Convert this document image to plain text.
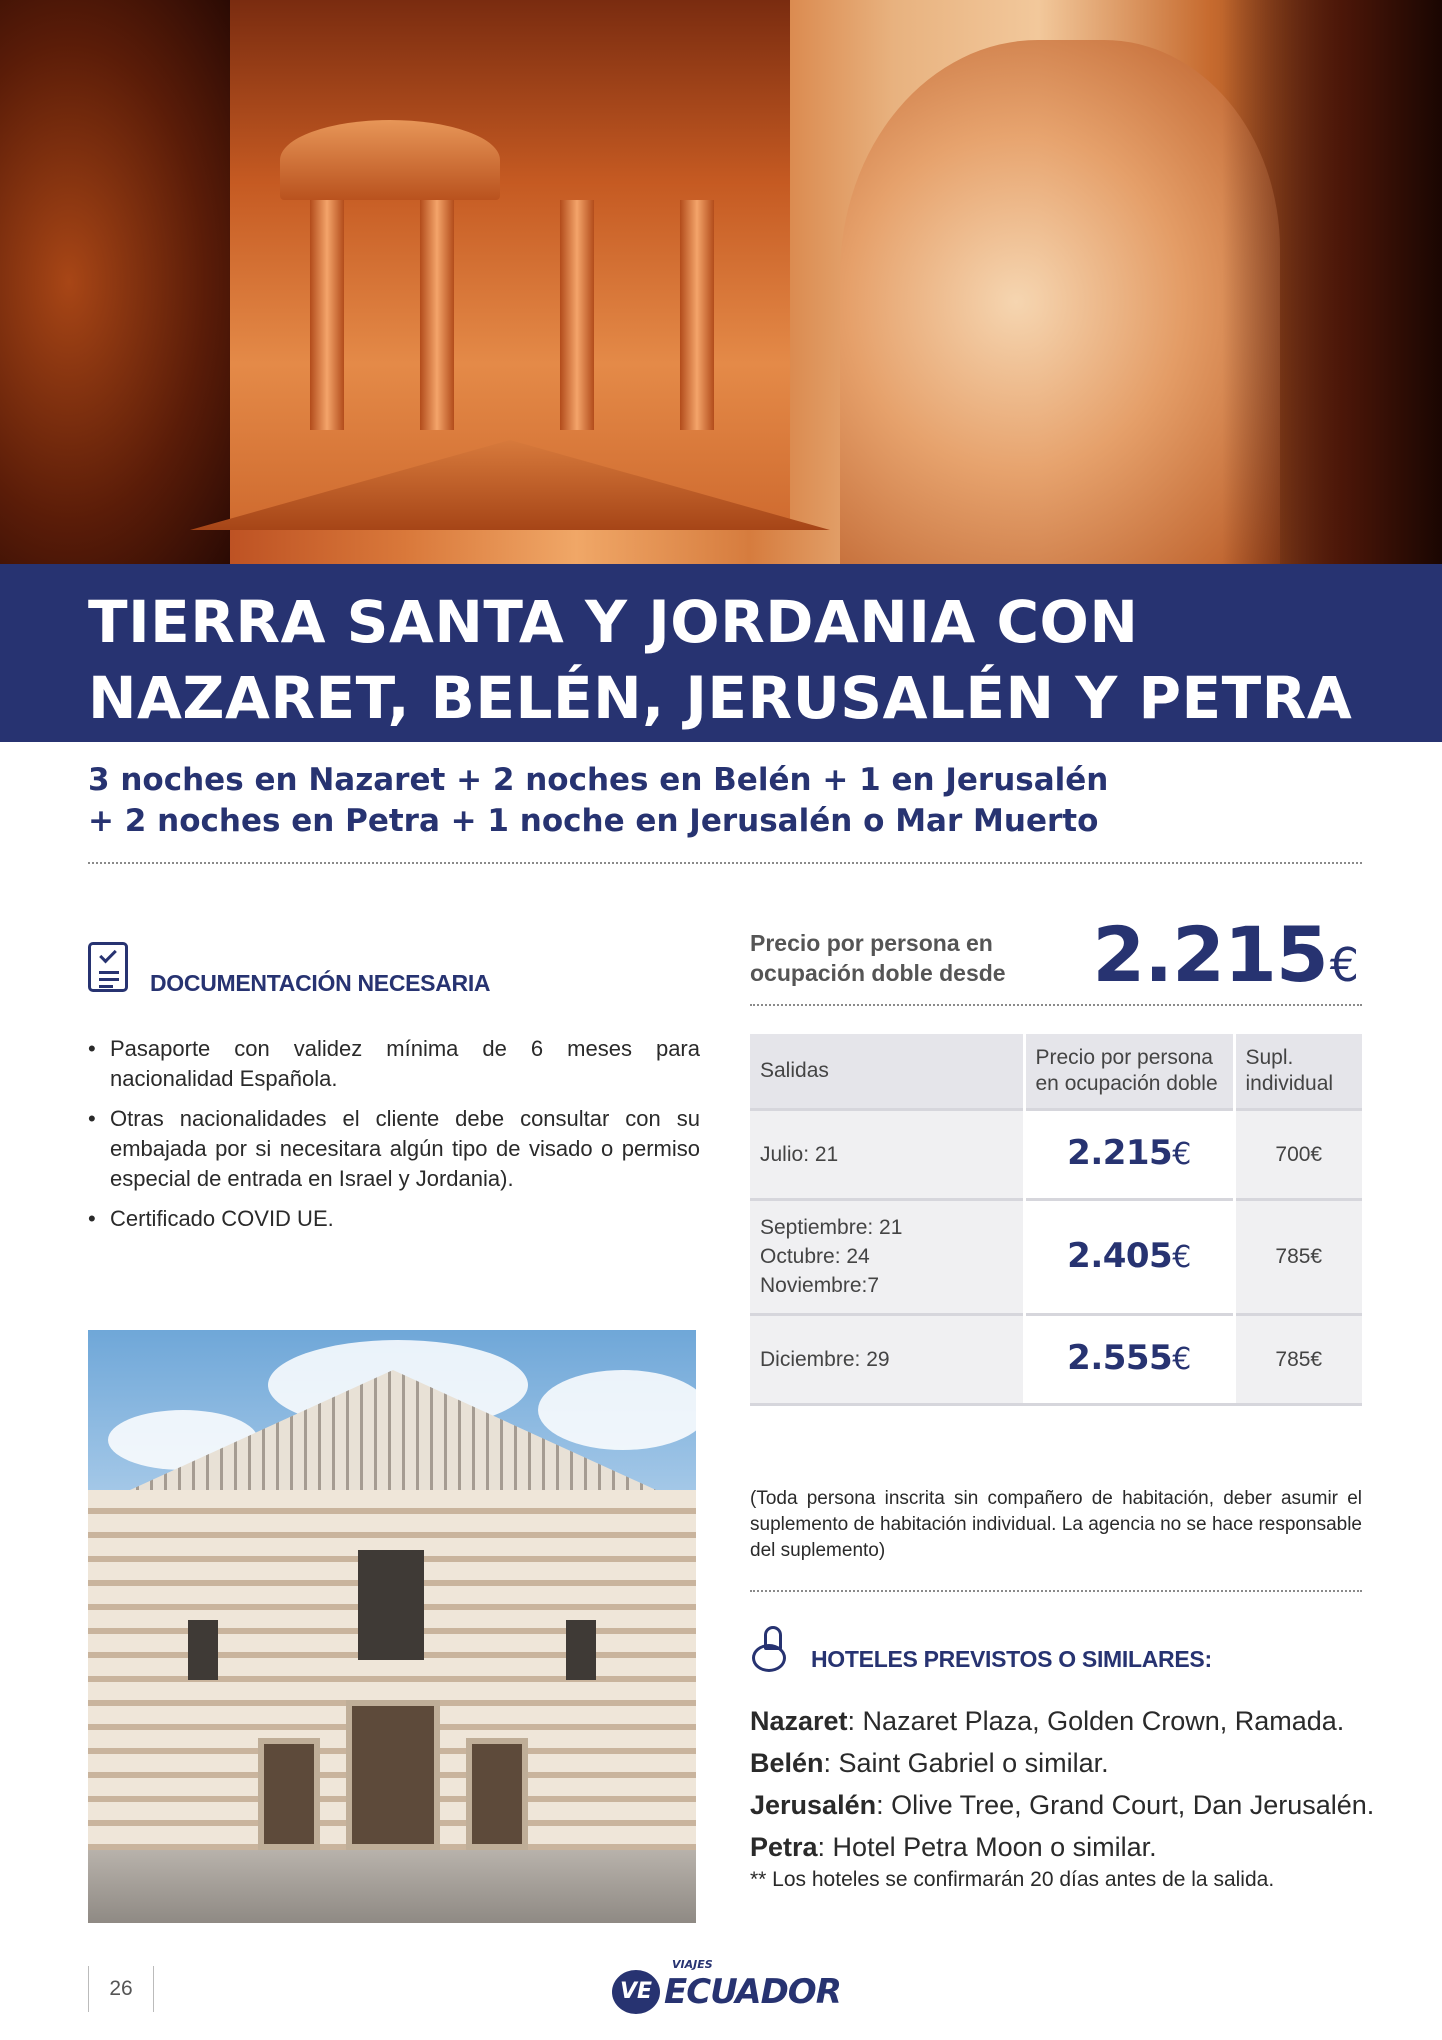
TIERRA SANTA Y JORDANIA CON
NAZARET, BELÉN, JERUSALÉN Y PETRA
3 noches en Nazaret + 2 noches en Belén + 1 en Jerusalén
+ 2 noches en Petra + 1 noche en Jerusalén o Mar Muerto
DOCUMENTACIÓN NECESARIA
• Pasaporte con validez mínima de 6 meses para nacionalidad Española.
• Otras nacionalidades el cliente debe consultar con su embajada por si necesitara algún tipo de visado o permiso especial de entrada en Israel y Jordania).
• Certificado COVID UE.
Precio por persona en
ocupación doble desde 2.215€
Salidas	Precio por persona en ocupación doble	Supl. individual
Julio: 21	2.215€	700€
Septiembre: 21
Octubre: 24
Noviembre:7	2.405€	785€
Diciembre: 29	2.555€	785€

(Toda persona inscrita sin compañero de habitación, deber asumir el suplemento de habitación individual. La agencia no se hace responsable del suplemento)

HOTELES PREVISTOS O SIMILARES:
Nazaret: Nazaret Plaza, Golden Crown, Ramada.
Belén: Saint Gabriel o similar.
Jerusalén: Olive Tree, Grand Court, Dan Jerusalén.
Petra: Hotel Petra Moon o similar.
** Los hoteles se confirmarán 20 días antes de la salida.
26	VE
VIAJES
ECUADOR
